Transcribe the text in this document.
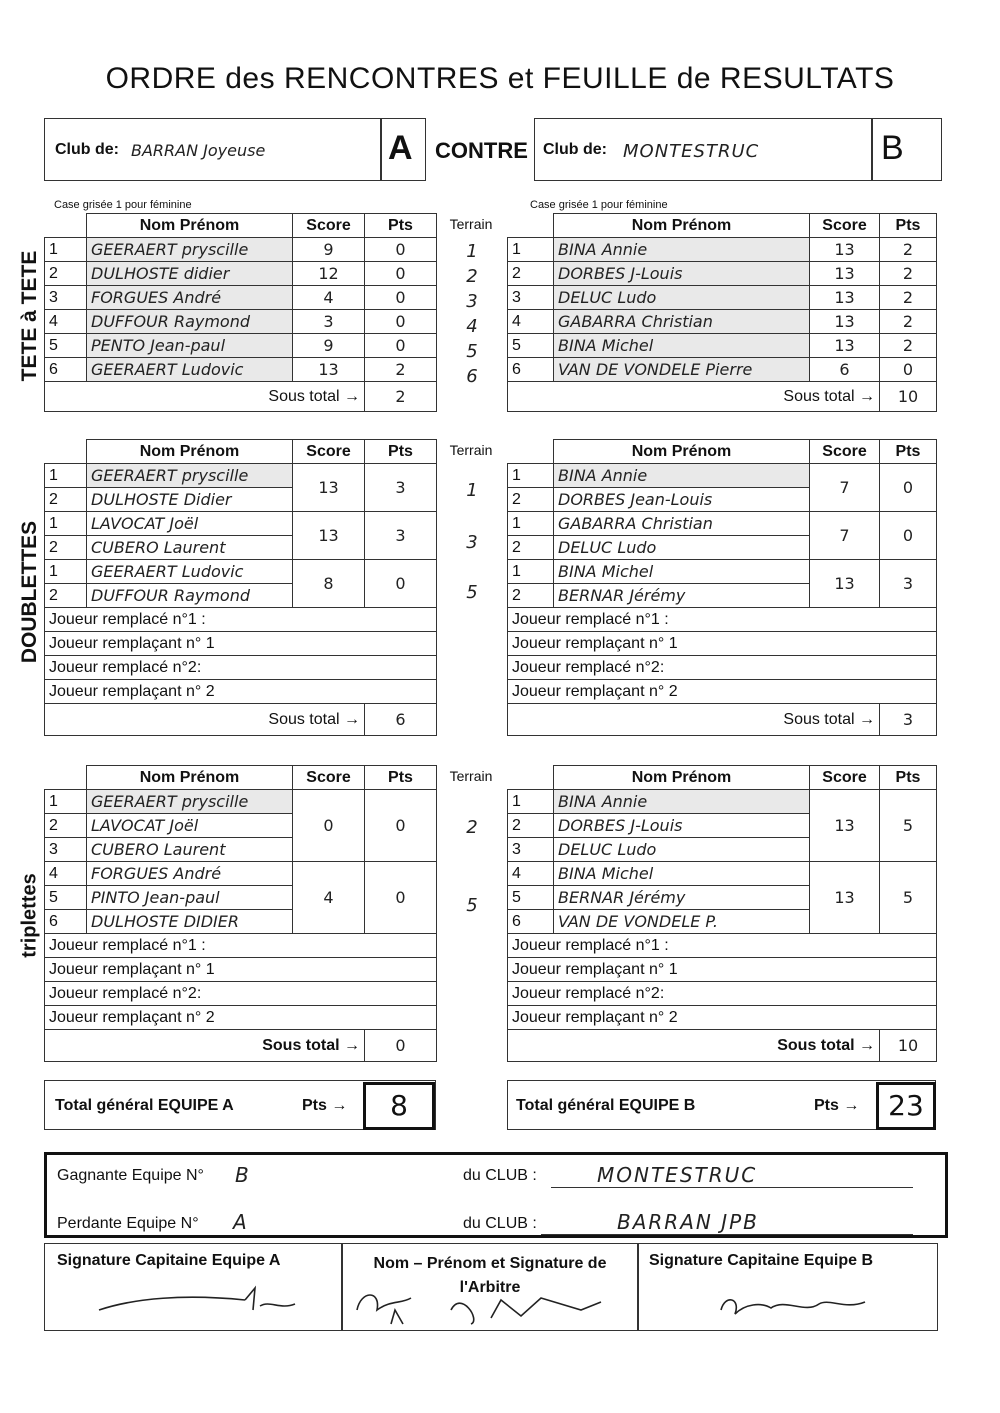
ORDRE des RENCONTRES et FEUILLE de RESULTATS
Club de: BARRAN Joyeuse	A CONTRE Club de: MONTESTRUC	B
Case grisée 1 pour féminine	Case grisée 1 pour féminine
TETE à TETE
DOUBLETTES
triplettes
	Nom Prénom	Score	Pts
1	GEERAERT pryscille	9	0
2	DULHOSTE didier	12	0
3	FORGUES André	4	0
4	DUFFOUR Raymond	3	0
5	PENTO Jean-paul	9	0
6	GEERAERT Ludovic	13	2
Sous total →			2
Terrain
1
2
3
4
5
6
	Nom Prénom	Score	Pts
1	BINA Annie	13	2
2	DORBES J-Louis	13	2
3	DELUC Ludo	13	2
4	GABARRA Christian	13	2
5	BINA Michel	13	2
6	VAN DE VONDELE Pierre	6	0
Sous total →			10
	Nom Prénom	Score	Pts
1	GEERAERT pryscille	13	3
2	DULHOSTE Didier		
1	LAVOCAT Joël	13	3
2	CUBERO Laurent		
1	GEERAERT Ludovic	8	0
2	DUFFOUR Raymond		
Joueur remplacé n°1 :			
Joueur remplaçant n° 1			
Joueur remplacé n°2:			
Joueur remplaçant n° 2			
Sous total →			6
Terrain
1
3
5
	Nom Prénom	Score	Pts
1	BINA Annie	7	0
2	DORBES Jean-Louis		
1	GABARRA Christian	7	0
2	DELUC Ludo		
1	BINA Michel	13	3
2	BERNAR Jérémy		
Joueur remplacé n°1 :			
Joueur remplaçant n° 1			
Joueur remplacé n°2:			
Joueur remplaçant n° 2			
Sous total →			3
	Nom Prénom	Score	Pts
1	GEERAERT pryscille	0	0
2	LAVOCAT Joël		
3	CUBERO Laurent		
4	FORGUES André	4	0
5	PINTO Jean-paul		
6	DULHOSTE DIDIER		
Joueur remplacé n°1 :			
Joueur remplaçant n° 1			
Joueur remplacé n°2:			
Joueur remplaçant n° 2			
Sous total →			0
Terrain
2
5
	Nom Prénom	Score	Pts
1	BINA Annie	13	5
2	DORBES J-Louis		
3	DELUC Ludo		
4	BINA Michel	13	5
5	BERNAR Jérémy		
6	VAN DE VONDELE P.		
Joueur remplacé n°1 :			
Joueur remplaçant n° 1			
Joueur remplacé n°2:			
Joueur remplaçant n° 2			
Sous total →			10
Total général EQUIPE A	Pts →	8	Total général EQUIPE B	Pts →	23
Gagnante Equipe N° B	du CLUB :	MONTESTRUC
Perdante Equipe N° A	du CLUB :	BARRAN JPB
Signature Capitaine Equipe A	Nom – Prénom et Signature de l'Arbitre
Signature Capitaine Equipe B
